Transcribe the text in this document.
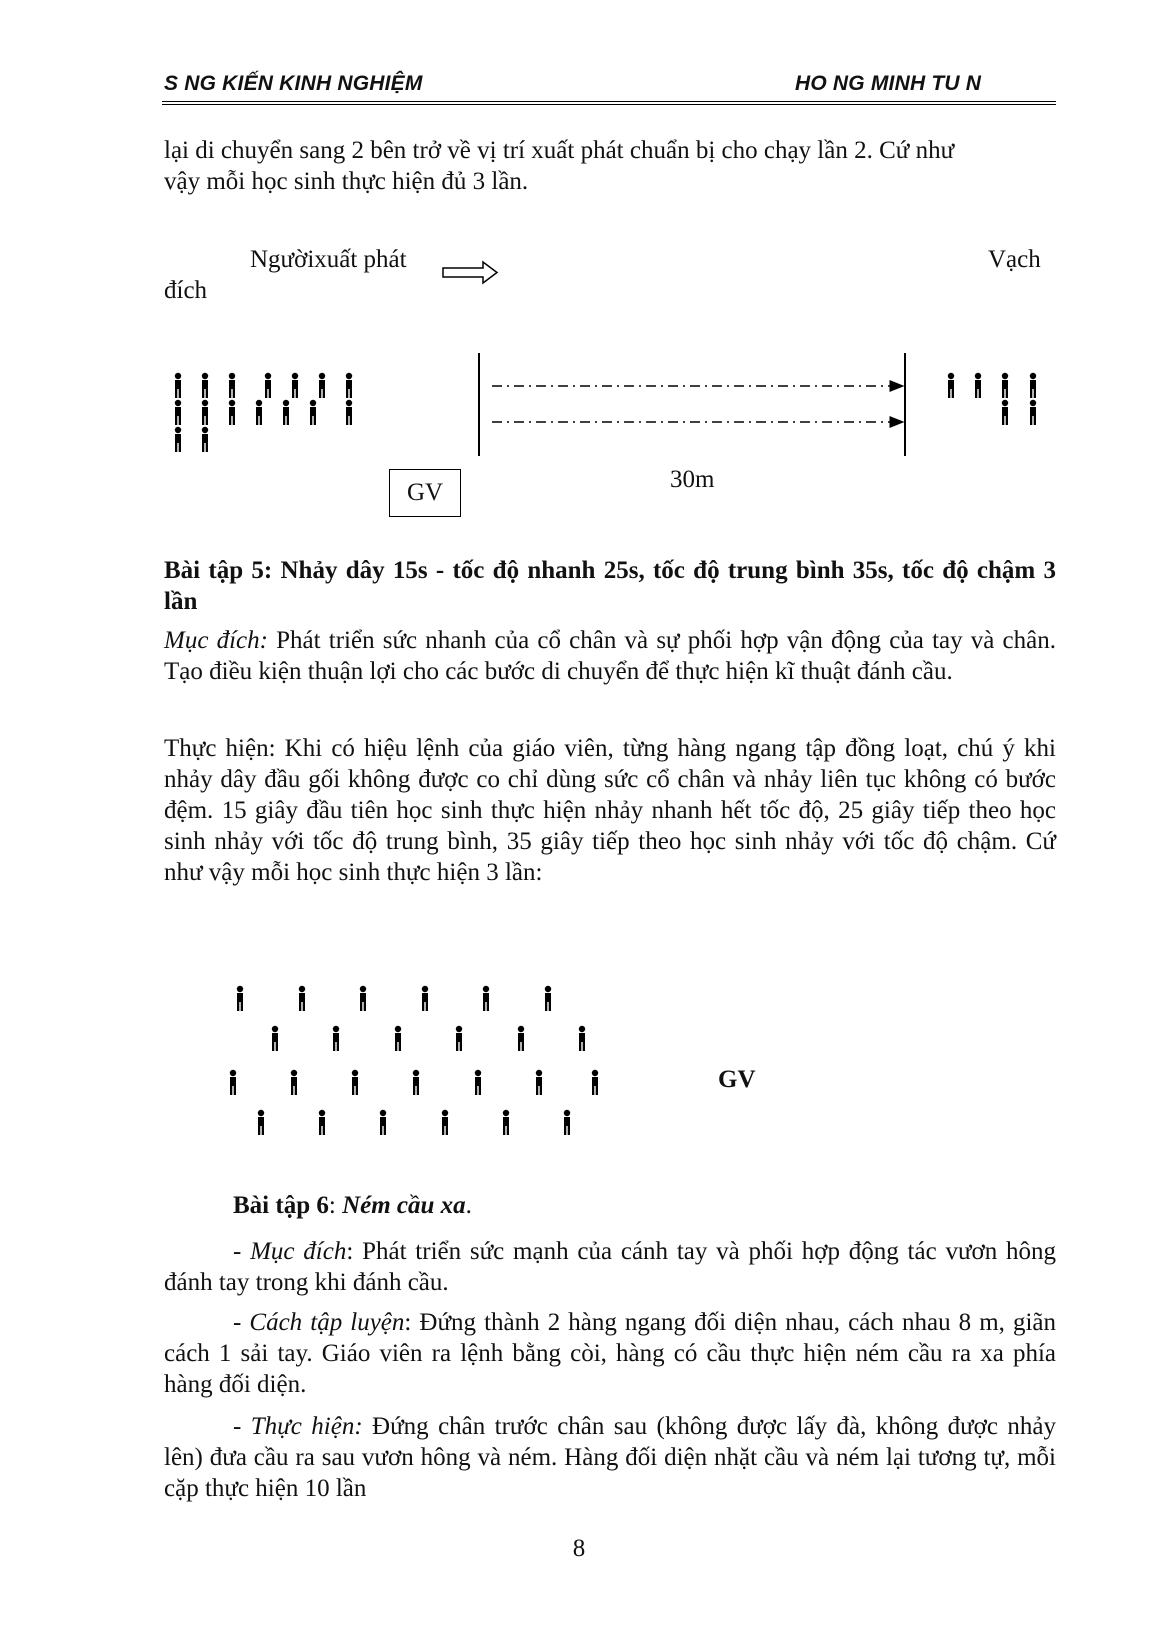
S NG KIẾN KINH NGHIỆM	HO NG MINH TU N

lại di chuyển sang 2 bên trở về vị trí xuất phát chuẩn bị cho chạy lần 2. Cứ như

vậy mỗi học sinh thực hiện đủ 3 lần.

Ngườixuất phát	Vạch
đích
30m
GV

Bài tập 5: Nhảy dây 15s - tốc độ nhanh 25s, tốc độ trung bình 35s, tốc độ chậm 3 lần

Mục đích: Phát triển sức nhanh của cổ chân và sự phối hợp vận động của tay và chân. Tạo điều kiện thuận lợi cho các bước di chuyển để thực hiện kĩ thuật đánh cầu.

Thực hiện: Khi có hiệu lệnh của giáo viên, từng hàng ngang tập đồng loạt, chú ý khi nhảy dây đầu gối không được co chỉ dùng sức cổ chân và nhảy liên tục không có bước đệm. 15 giây đầu tiên học sinh thực hiện nhảy nhanh hết tốc độ, 25 giây tiếp theo học sinh nhảy với tốc độ trung bình, 35 giây tiếp theo học sinh nhảy với tốc độ chậm. Cứ như vậy mỗi học sinh thực hiện 3 lần:

GV

Bài tập 6: Ném cầu xa.

- Mục đích: Phát triển sức mạnh của cánh tay và phối hợp động tác vươn hông đánh tay trong khi đánh cầu.

- Cách tập luyện: Đứng thành 2 hàng ngang đối diện nhau, cách nhau 8 m, giãn cách 1 sải tay. Giáo viên ra lệnh bằng còi, hàng có cầu thực hiện ném cầu ra xa phía hàng đối diện.

- Thực hiện: Đứng chân trước chân sau (không được lấy đà, không được nhảy lên) đưa cầu ra sau vươn hông và ném. Hàng đối diện nhặt cầu và ném lại tương tự, mỗi cặp thực hiện 10 lần

8
